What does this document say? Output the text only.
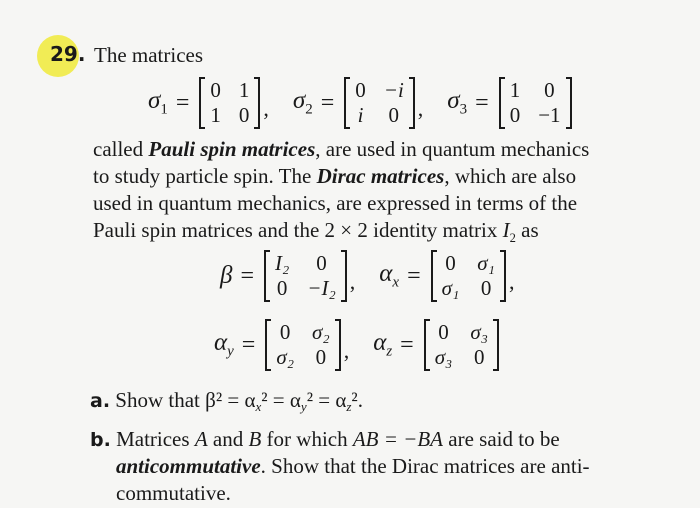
29. The matrices
$\sigma_1 = 0$ 1
1 0 , $\sigma_2 = 0 -i$
i 0 , $\sigma_3 = 1$ 0
0 −1
called Pauli spin matrices, are used in quantum mechanics
to study particle spin. The Dirac matrices, which are also
used in quantum mechanics, are expressed in terms of the
Pauli spin matrices and the 2 × 2 identity matrix $I_2$ as
β = I₂	0
0 −I₂ , $\alpha_x = 0$ σ₁
σ₁ 0 ,
$\alpha_y = 0$ σ₂
σ₂ 0 , $\alpha_z = 0$ σ₃
σ₃ 0
a. Show that $\beta^2 = \alpha_x^2 = \alpha_y^2 = \alpha_z^2$.
b. Matrices A and B for which AB = −BA are said to be
anticommutative. Show that the Dirac matrices are anti-
commutative.
